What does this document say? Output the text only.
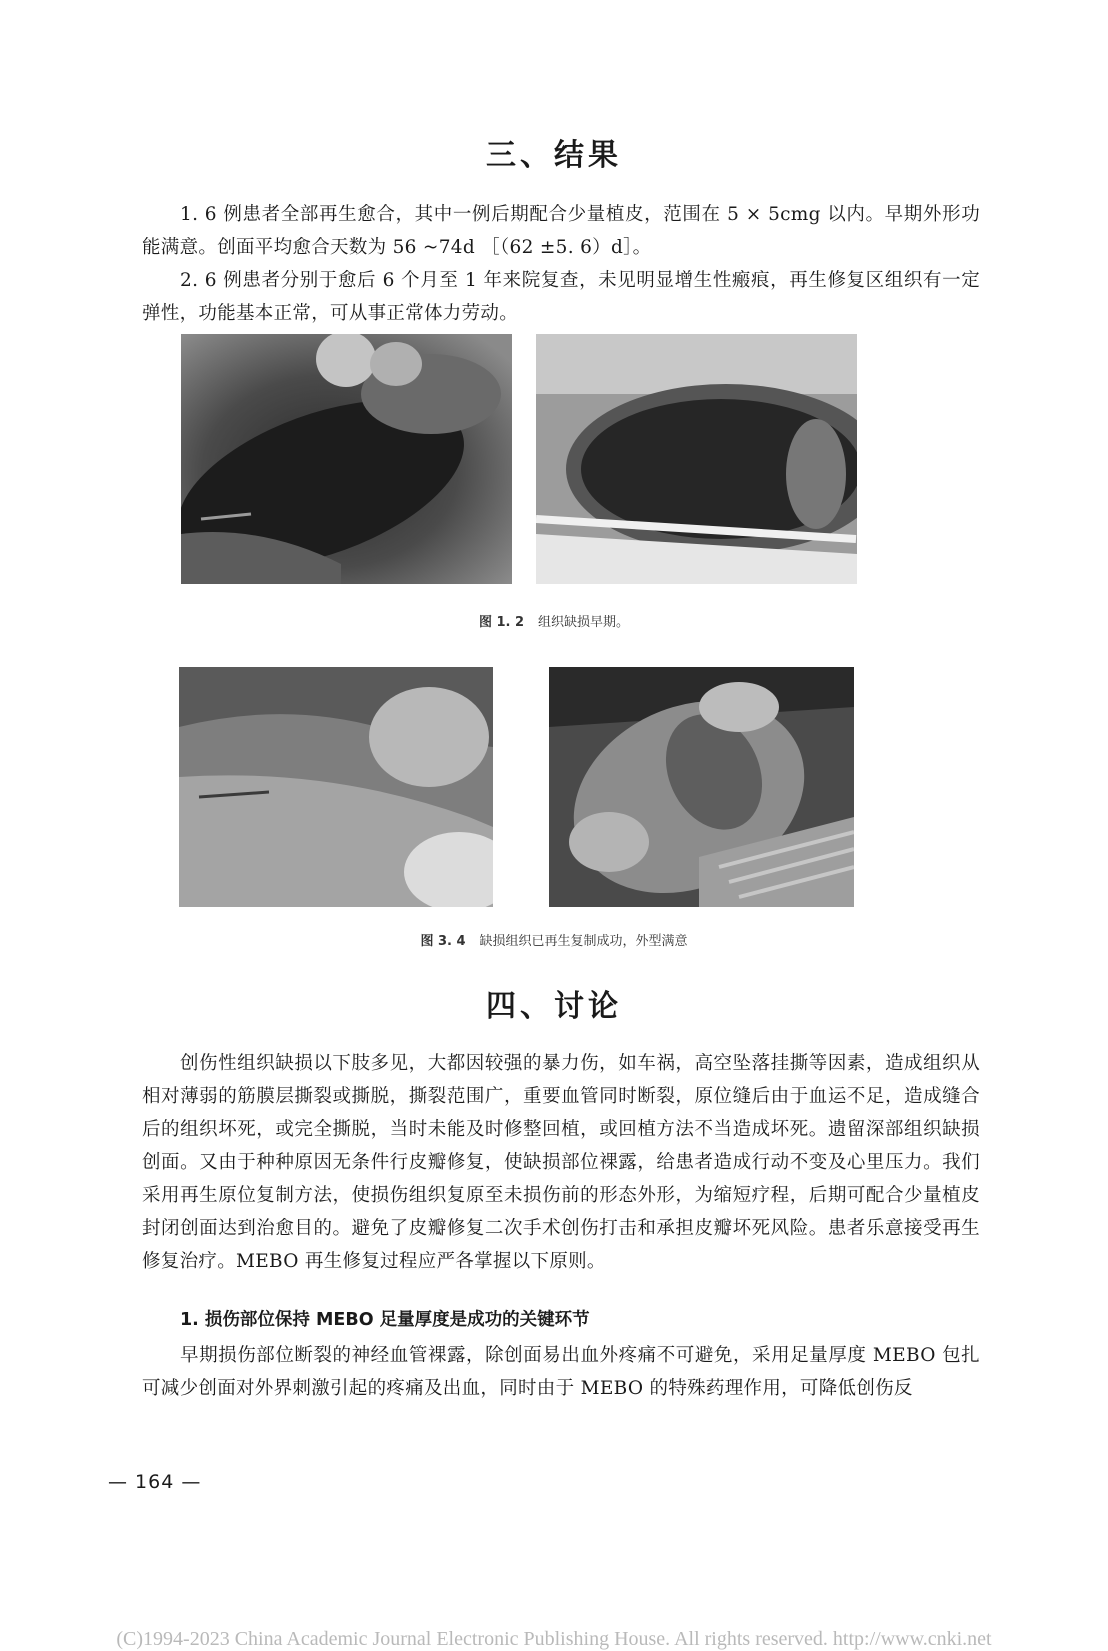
三、结果

1. 6 例患者全部再生愈合，其中一例后期配合少量植皮，范围在 5 × 5cmg 以内。早期外形功能满意。创面平均愈合天数为 56 ~74d ［（62 ±5. 6）d］。

2. 6 例患者分别于愈后 6 个月至 1 年来院复查，未见明显增生性瘢痕，再生修复区组织有一定弹性，功能基本正常，可从事正常体力劳动。

图 1. 2 组织缺损早期。
图 3. 4 缺损组织已再生复制成功，外型满意
四、讨论

创伤性组织缺损以下肢多见，大都因较强的暴力伤，如车祸，高空坠落挂撕等因素，造成组织从相对薄弱的筋膜层撕裂或撕脱，撕裂范围广，重要血管同时断裂，原位缝后由于血运不足，造成缝合后的组织坏死，或完全撕脱，当时未能及时修整回植，或回植方法不当造成坏死。遗留深部组织缺损创面。又由于种种原因无条件行皮瓣修复，使缺损部位裸露，给患者造成行动不变及心里压力。我们采用再生原位复制方法，使损伤组织复原至未损伤前的形态外形，为缩短疗程，后期可配合少量植皮封闭创面达到治愈目的。避免了皮瓣修复二次手术创伤打击和承担皮瓣坏死风险。患者乐意接受再生修复治疗。MEBO 再生修复过程应严各掌握以下原则。

1. 损伤部位保持 MEBO 足量厚度是成功的关键环节

早期损伤部位断裂的神经血管裸露，除创面易出血外疼痛不可避免，采用足量厚度 MEBO 包扎可减少创面对外界刺激引起的疼痛及出血，同时由于 MEBO 的特殊药理作用，可降低创伤反

— 164 —
(C)1994-2023 China Academic Journal Electronic Publishing House. All rights reserved. http://www.cnki.net
